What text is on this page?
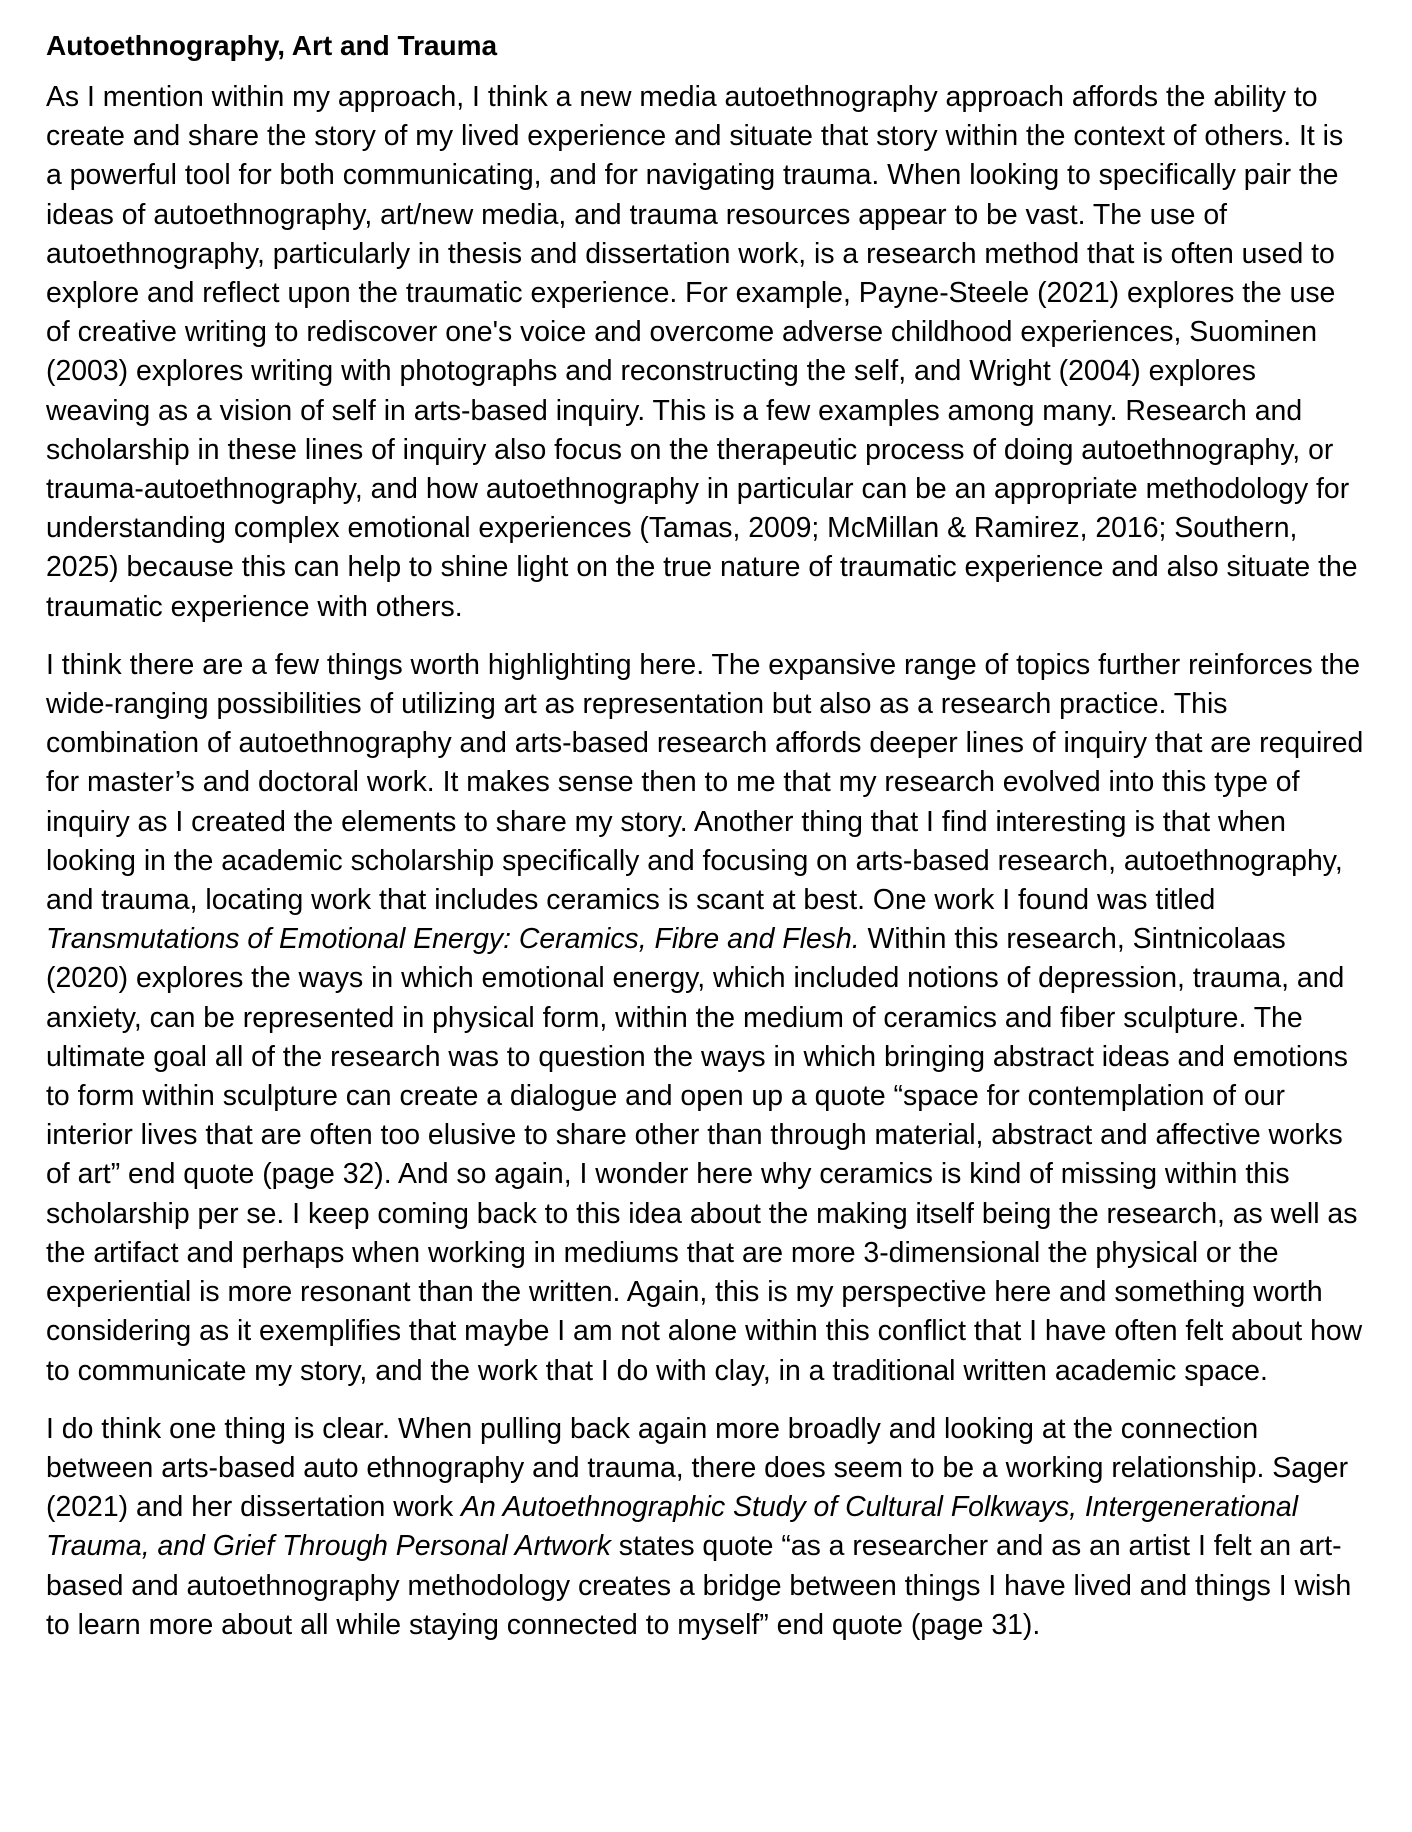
Autoethnography, Art and Trauma

As I mention within my approach, I think a new media autoethnography approach affords the ability to create and share the story of my lived experience and situate that story within the context of others. It is a powerful tool for both communicating, and for navigating trauma. When looking to specifically pair the ideas of autoethnography, art/new media, and trauma resources appear to be vast. The use of autoethnography, particularly in thesis and dissertation work, is a research method that is often used to explore and reflect upon the traumatic experience. For example, Payne-Steele (2021) explores the use of creative writing to rediscover one's voice and overcome adverse childhood experiences, Suominen (2003) explores writing with photographs and reconstructing the self, and Wright (2004) explores weaving as a vision of self in arts-based inquiry. This is a few examples among many. Research and scholarship in these lines of inquiry also focus on the therapeutic process of doing autoethnography, or trauma-autoethnography, and how autoethnography in particular can be an appropriate methodology for understanding complex emotional experiences (Tamas, 2009; McMillan & Ramirez, 2016; Southern, 2025) because this can help to shine light on the true nature of traumatic experience and also situate the traumatic experience with others.

I think there are a few things worth highlighting here. The expansive range of topics further reinforces the wide-ranging possibilities of utilizing art as representation but also as a research practice. This combination of autoethnography and arts-based research affords deeper lines of inquiry that are required for master’s and doctoral work. It makes sense then to me that my research evolved into this type of inquiry as I created the elements to share my story. Another thing that I find interesting is that when looking in the academic scholarship specifically and focusing on arts-based research, autoethnography, and trauma, locating work that includes ceramics is scant at best. One work I found was titled Transmutations of Emotional Energy: Ceramics, Fibre and Flesh. Within this research, Sintnicolaas (2020) explores the ways in which emotional energy, which included notions of depression, trauma, and anxiety, can be represented in physical form, within the medium of ceramics and fiber sculpture. The ultimate goal all of the research was to question the ways in which bringing abstract ideas and emotions to form within sculpture can create a dialogue and open up a quote “space for contemplation of our interior lives that are often too elusive to share other than through material, abstract and affective works of art” end quote (page 32). And so again, I wonder here why ceramics is kind of missing within this scholarship per se. I keep coming back to this idea about the making itself being the research, as well as the artifact and perhaps when working in mediums that are more 3-dimensional the physical or the experiential is more resonant than the written. Again, this is my perspective here and something worth considering as it exemplifies that maybe I am not alone within this conflict that I have often felt about how to communicate my story, and the work that I do with clay, in a traditional written academic space.

I do think one thing is clear. When pulling back again more broadly and looking at the connection between arts-based auto ethnography and trauma, there does seem to be a working relationship. Sager (2021) and her dissertation work An Autoethnographic Study of Cultural Folkways, Intergenerational Trauma, and Grief Through Personal Artwork states quote “as a researcher and as an artist I felt an art-based and autoethnography methodology creates a bridge between things I have lived and things I wish to learn more about all while staying connected to myself” end quote (page 31).
